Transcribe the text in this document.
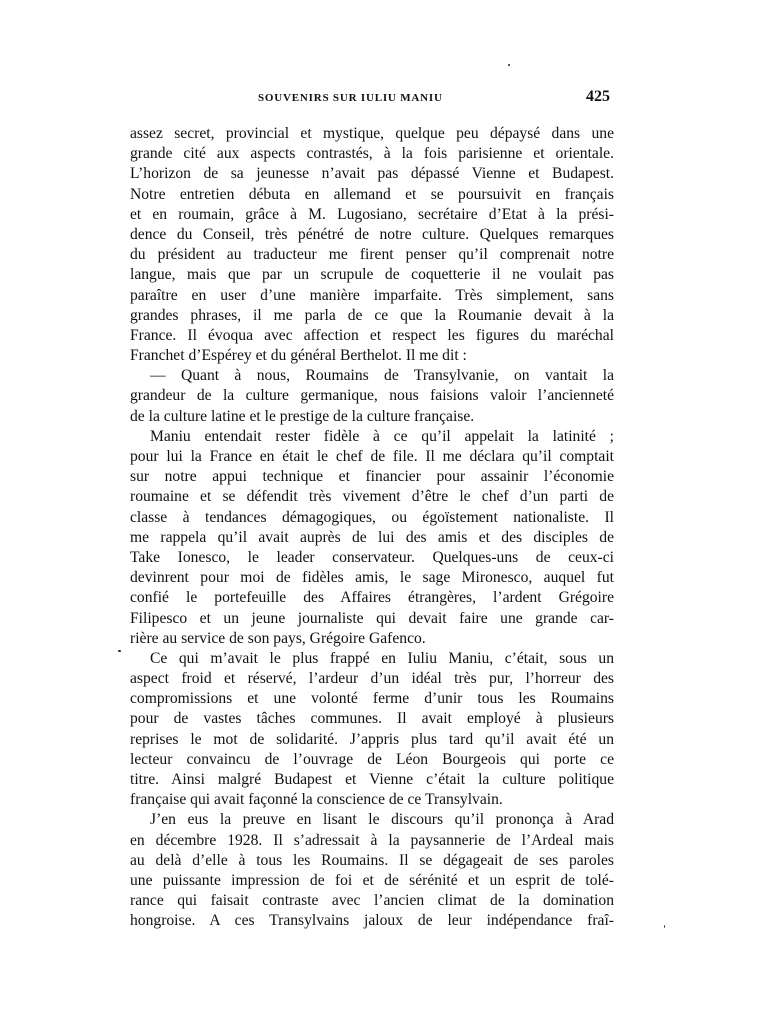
SOUVENIRS SUR IULIU MANIU	425
assez secret, provincial et mystique, quelque peu dépaysé dans une
grande cité aux aspects contrastés, à la fois parisienne et orientale.
L’horizon de sa jeunesse n’avait pas dépassé Vienne et Budapest.
Notre entretien débuta en allemand et se poursuivit en français
et en roumain, grâce à M. Lugosiano, secrétaire d’Etat à la prési-
dence du Conseil, très pénétré de notre culture. Quelques remarques
du président au traducteur me firent penser qu’il comprenait notre
langue, mais que par un scrupule de coquetterie il ne voulait pas
paraître en user d’une manière imparfaite. Très simplement, sans
grandes phrases, il me parla de ce que la Roumanie devait à la
France. Il évoqua avec affection et respect les figures du maréchal
Franchet d’Espérey et du général Berthelot. Il me dit :
— Quant à nous, Roumains de Transylvanie, on vantait la
grandeur de la culture germanique, nous faisions valoir l’ancienneté
de la culture latine et le prestige de la culture française.
Maniu entendait rester fidèle à ce qu’il appelait la latinité ;
pour lui la France en était le chef de file. Il me déclara qu’il comptait
sur notre appui technique et financier pour assainir l’économie
roumaine et se défendit très vivement d’être le chef d’un parti de
classe à tendances démagogiques, ou égoïstement nationaliste. Il
me rappela qu’il avait auprès de lui des amis et des disciples de
Take Ionesco, le leader conservateur. Quelques-uns de ceux-ci
devinrent pour moi de fidèles amis, le sage Mironesco, auquel fut
confié le portefeuille des Affaires étrangères, l’ardent Grégoire
Filipesco et un jeune journaliste qui devait faire une grande car-
rière au service de son pays, Grégoire Gafenco.
Ce qui m’avait le plus frappé en Iuliu Maniu, c’était, sous un
aspect froid et réservé, l’ardeur d’un idéal très pur, l’horreur des
compromissions et une volonté ferme d’unir tous les Roumains
pour de vastes tâches communes. Il avait employé à plusieurs
reprises le mot de solidarité. J’appris plus tard qu’il avait été un
lecteur convaincu de l’ouvrage de Léon Bourgeois qui porte ce
titre. Ainsi malgré Budapest et Vienne c’était la culture politique
française qui avait façonné la conscience de ce Transylvain.
J’en eus la preuve en lisant le discours qu’il prononça à Arad
en décembre 1928. Il s’adressait à la paysannerie de l’Ardeal mais
au delà d’elle à tous les Roumains. Il se dégageait de ses paroles
une puissante impression de foi et de sérénité et un esprit de tolé-
rance qui faisait contraste avec l’ancien climat de la domination
hongroise. A ces Transylvains jaloux de leur indépendance fraî-
